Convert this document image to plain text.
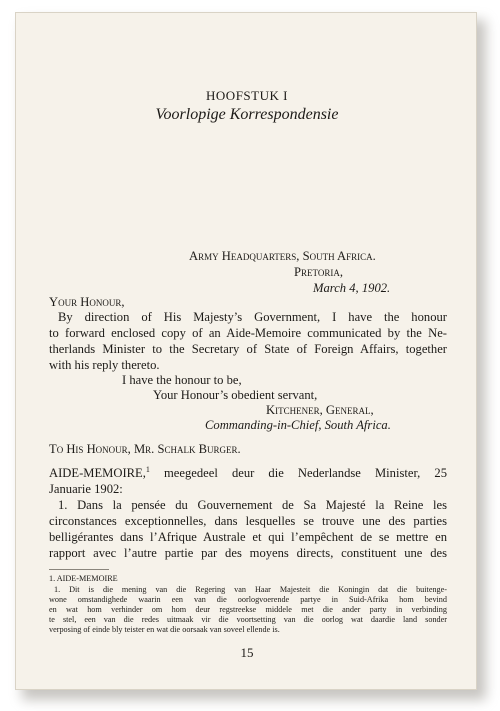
HOOFSTUK I
Voorlopige Korrespondensie
Army Headquarters, South Africa.
Pretoria,
March 4, 1902.
Your Honour,
By direction of His Majesty’s Government, I have the honour
to forward enclosed copy of an Aide-Memoire communicated by the Ne-
therlands Minister to the Secretary of State of Foreign Affairs, together
with his reply thereto.
I have the honour to be,
Your Honour’s obedient servant,
Kitchener, General,
Commanding-in-Chief, South Africa.
To His Honour, Mr. Schalk Burger.
AIDE-MEMOIRE,$^1$ meegedeel deur die Nederlandse Minister, 25
Januarie 1902:
1. Dans la pensée du Gouvernement de Sa Majesté la Reine les
circonstances exceptionnelles, dans lesquelles se trouve une des parties
belligérantes dans l’Afrique Australe et qui l’empêchent de se mettre en
rapport avec l’autre partie par des moyens directs, constituent une des
1. AIDE-MEMOIRE
1. Dit is die mening van die Regering van Haar Majesteit die Koningin dat die buitenge-
wone omstandighede waarin een van die oorlogvoerende partye in Suid-Afrika hom bevind
en wat hom verhinder om hom deur regstreekse middele met die ander party in verbinding
te stel, een van die redes uitmaak vir die voortsetting van die oorlog wat daardie land sonder
verposing of einde bly teister en wat die oorsaak van soveel ellende is.
15
